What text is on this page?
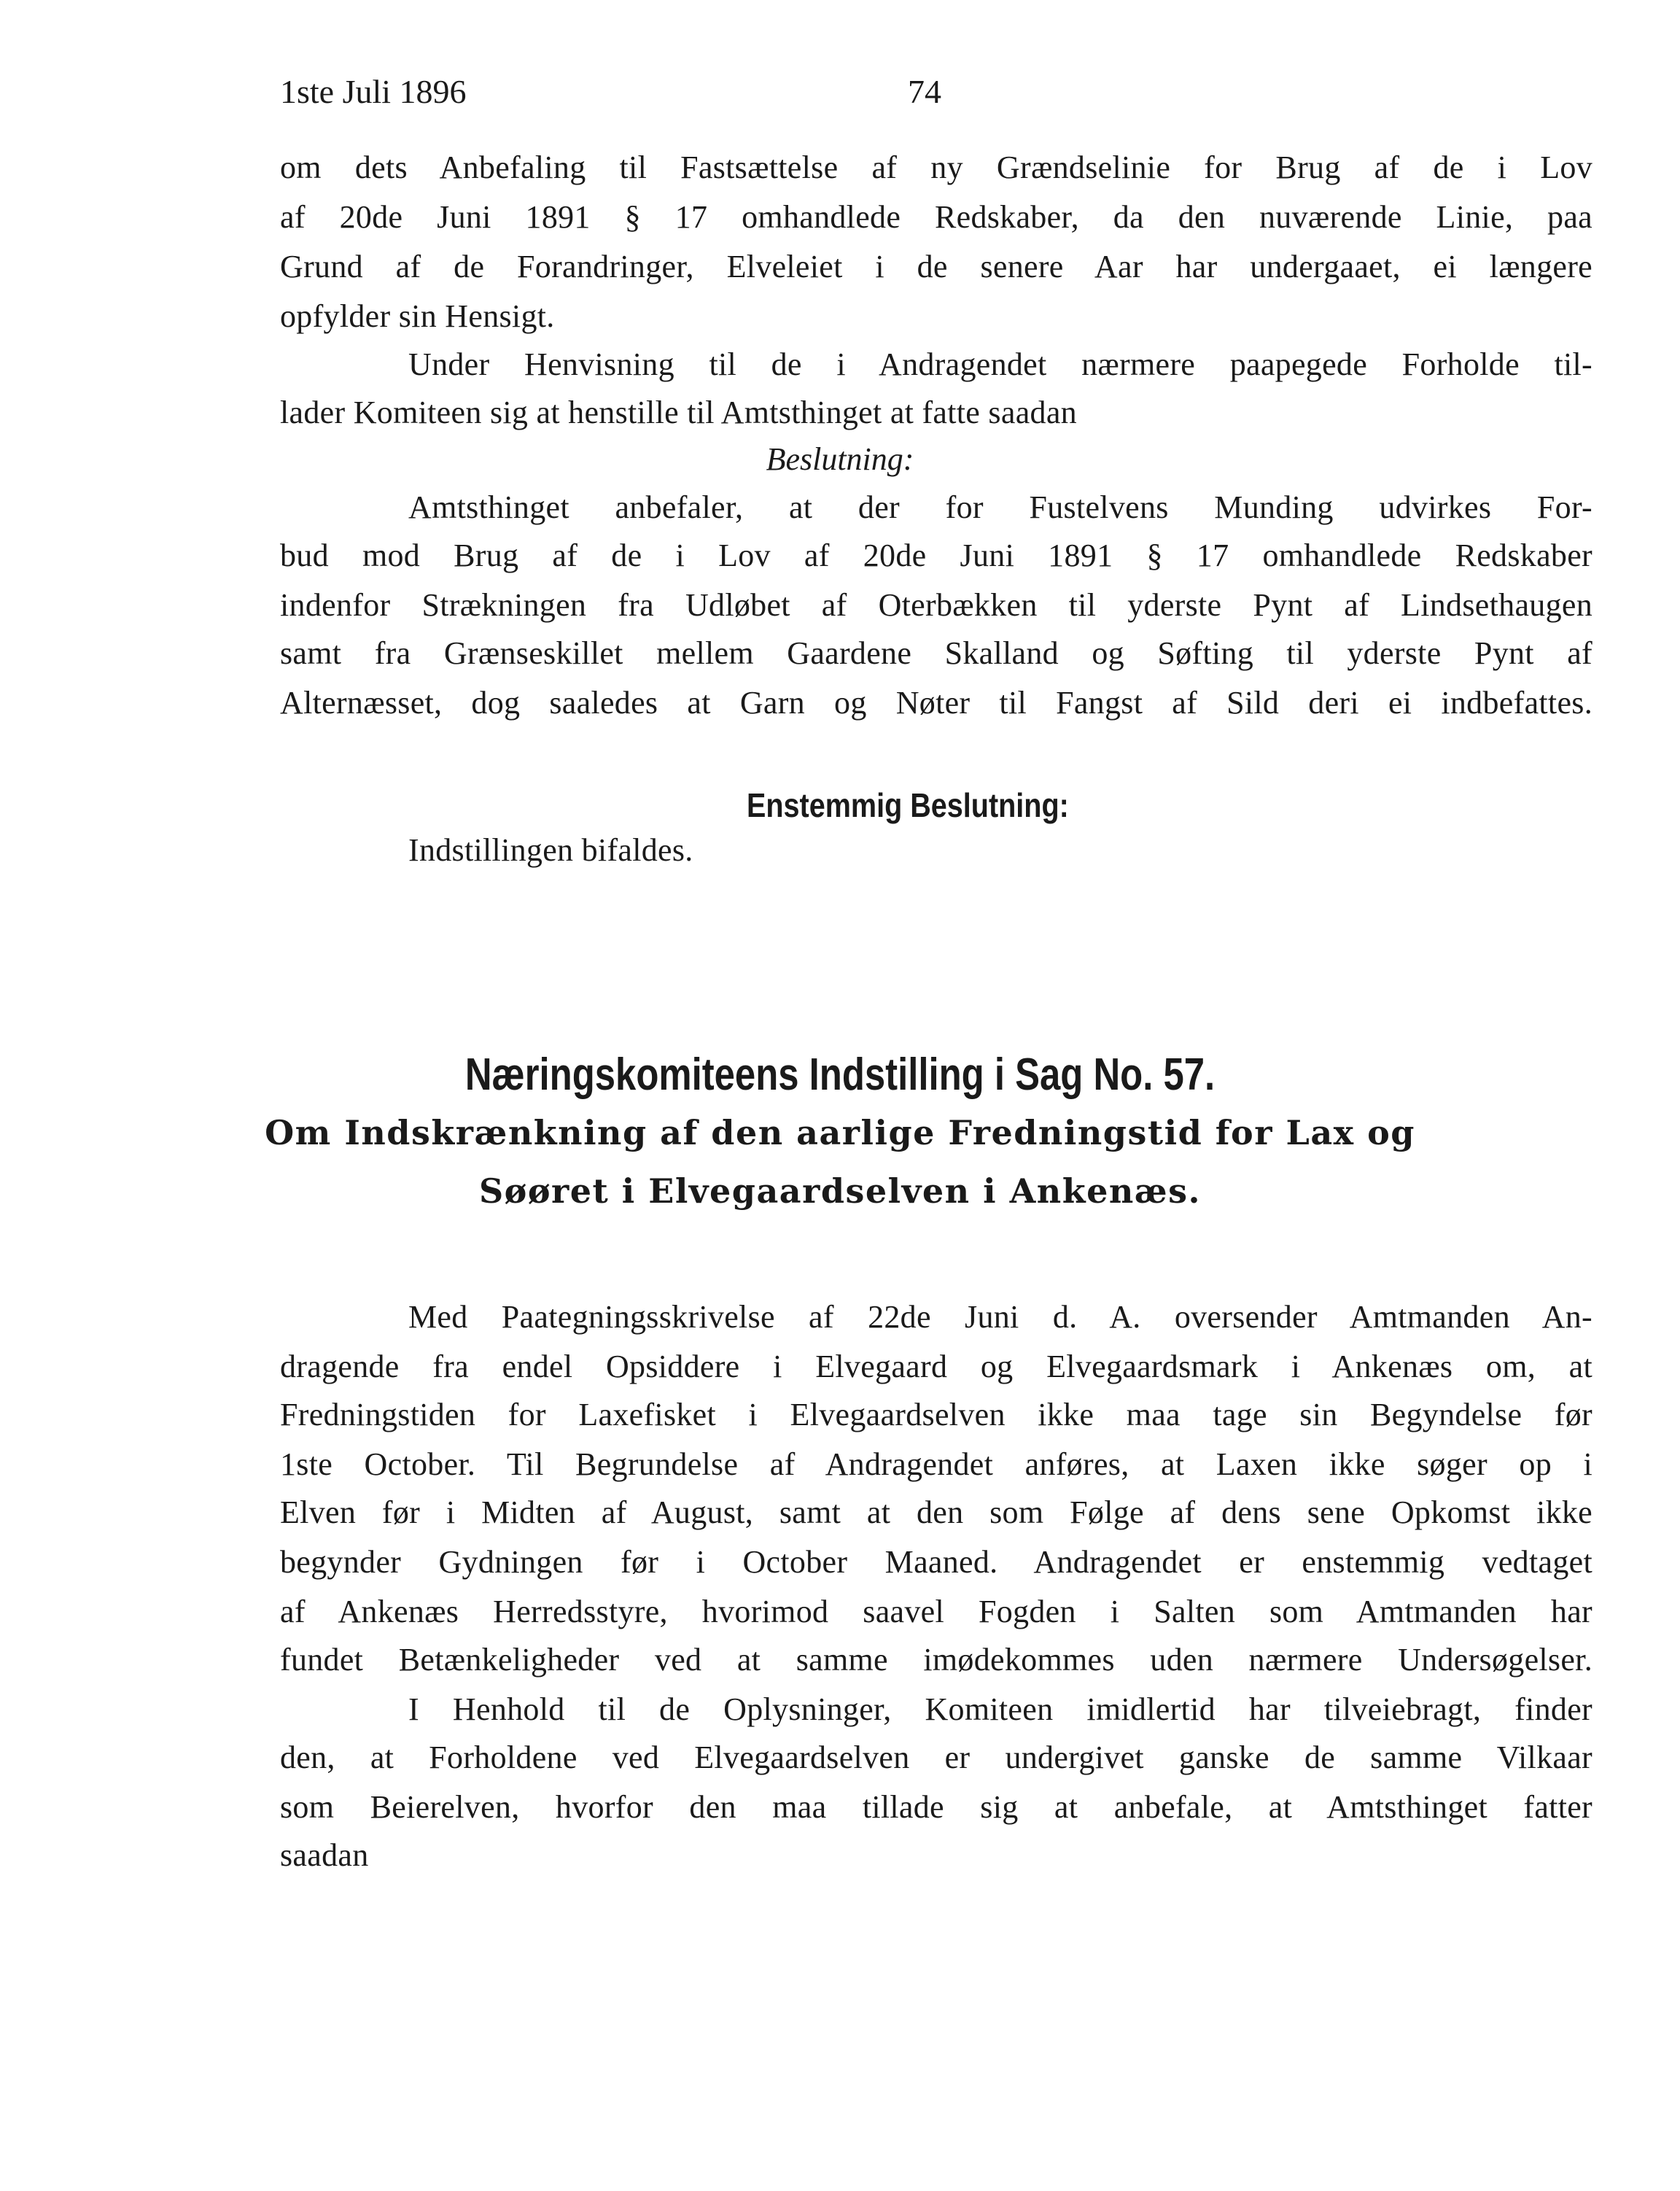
1ste Juli 1896	74
om dets Anbefaling til Fastsættelse af ny Grændselinie for Brug af de i Lov
af 20de Juni 1891 § 17 omhandlede Redskaber, da den nuværende Linie, paa
Grund af de Forandringer, Elveleiet i de senere Aar har undergaaet, ei længere
opfylder sin Hensigt.
Under Henvisning til de i Andragendet nærmere paapegede Forholde til-
lader Komiteen sig at henstille til Amtsthinget at fatte saadan
Beslutning:
Amtsthinget anbefaler, at der for Fustelvens Munding udvirkes For-
bud mod Brug af de i Lov af 20de Juni 1891 § 17 omhandlede Redskaber
indenfor Strækningen fra Udløbet af Oterbækken til yderste Pynt af Lindsethaugen
samt fra Grænseskillet mellem Gaardene Skalland og Søfting til yderste Pynt af
Alternæsset, dog saaledes at Garn og Nøter til Fangst af Sild deri ei indbefattes.
Enstemmig Beslutning:
Indstillingen bifaldes.
Næringskomiteens Indstilling i Sag No. 57.
Om Indskrænkning af den aarlige Fredningstid for Lax og
Søøret i Elvegaardselven i Ankenæs.
Med Paategningsskrivelse af 22de Juni d. A. oversender Amtmanden An-
dragende fra endel Opsiddere i Elvegaard og Elvegaardsmark i Ankenæs om, at
Fredningstiden for Laxefisket i Elvegaardselven ikke maa tage sin Begyndelse før
1ste October. Til Begrundelse af Andragendet anføres, at Laxen ikke søger op i
Elven før i Midten af August, samt at den som Følge af dens sene Opkomst ikke
begynder Gydningen før i October Maaned. Andragendet er enstemmig vedtaget
af Ankenæs Herredsstyre, hvorimod saavel Fogden i Salten som Amtmanden har
fundet Betænkeligheder ved at samme imødekommes uden nærmere Undersøgelser.
I Henhold til de Oplysninger, Komiteen imidlertid har tilveiebragt, finder
den, at Forholdene ved Elvegaardselven er undergivet ganske de samme Vilkaar
som Beierelven, hvorfor den maa tillade sig at anbefale, at Amtsthinget fatter
saadan
